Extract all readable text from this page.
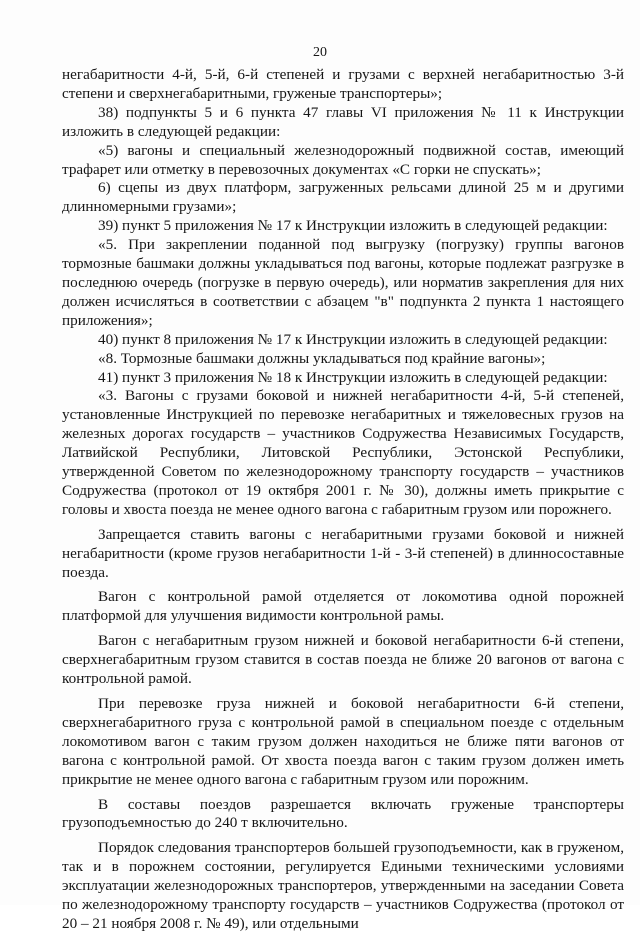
20

негабаритности 4-й, 5-й, 6-й степеней и грузами с верхней негабаритностью 3-й степени и сверхнегабаритными, груженые транспортеры»;

38) подпункты 5 и 6 пункта 47 главы VI приложения № 11 к Инструкции изложить в следующей редакции:

«5) вагоны и специальный железнодорожный подвижной состав, имеющий трафарет или отметку в перевозочных документах «С горки не спускать»;

6) сцепы из двух платформ, загруженных рельсами длиной 25 м и другими длинномерными грузами»;

39) пункт 5 приложения № 17 к Инструкции изложить в следующей редакции:

«5. При закреплении поданной под выгрузку (погрузку) группы вагонов тормозные башмаки должны укладываться под вагоны, которые подлежат разгрузке в последнюю очередь (погрузке в первую очередь), или норматив закрепления для них должен исчисляться в соответствии с абзацем "в" подпункта 2 пункта 1 настоящего приложения»;

40) пункт 8 приложения № 17 к Инструкции изложить в следующей редакции:

«8. Тормозные башмаки должны укладываться под крайние вагоны»;

41) пункт 3 приложения № 18 к Инструкции изложить в следующей редакции:

«3. Вагоны с грузами боковой и нижней негабаритности 4-й, 5-й степеней, установленные Инструкцией по перевозке негабаритных и тяжеловесных грузов на железных дорогах государств – участников Содружества Независимых Государств, Латвийской Республики, Литовской Республики, Эстонской Республики, утвержденной Советом по железнодорожному транспорту государств – участников Содружества (протокол от 19 октября 2001 г. № 30), должны иметь прикрытие с головы и хвоста поезда не менее одного вагона с габаритным грузом или порожнего.

Запрещается ставить вагоны с негабаритными грузами боковой и нижней негабаритности (кроме грузов негабаритности 1-й - 3-й степеней) в длинносоставные поезда.

Вагон с контрольной рамой отделяется от локомотива одной порожней платформой для улучшения видимости контрольной рамы.

Вагон с негабаритным грузом нижней и боковой негабаритности 6-й степени, сверхнегабаритным грузом ставится в состав поезда не ближе 20 вагонов от вагона с контрольной рамой.

При перевозке груза нижней и боковой негабаритности 6-й степени, сверхнегабаритного груза с контрольной рамой в специальном поезде с отдельным локомотивом вагон с таким грузом должен находиться не ближе пяти вагонов от вагона с контрольной рамой. От хвоста поезда вагон с таким грузом должен иметь прикрытие не менее одного вагона с габаритным грузом или порожним.

В составы поездов разрешается включать груженые транспортеры грузоподъемностью до 240 т включительно.

Порядок следования транспортеров большей грузоподъемности, как в груженом, так и в порожнем состоянии, регулируется Едиными техническими условиями эксплуатации железнодорожных транспортеров, утвержденными на заседании Совета по железнодорожному транспорту государств – участников Содружества (протокол от 20 – 21 ноября 2008 г. № 49), или отдельными
